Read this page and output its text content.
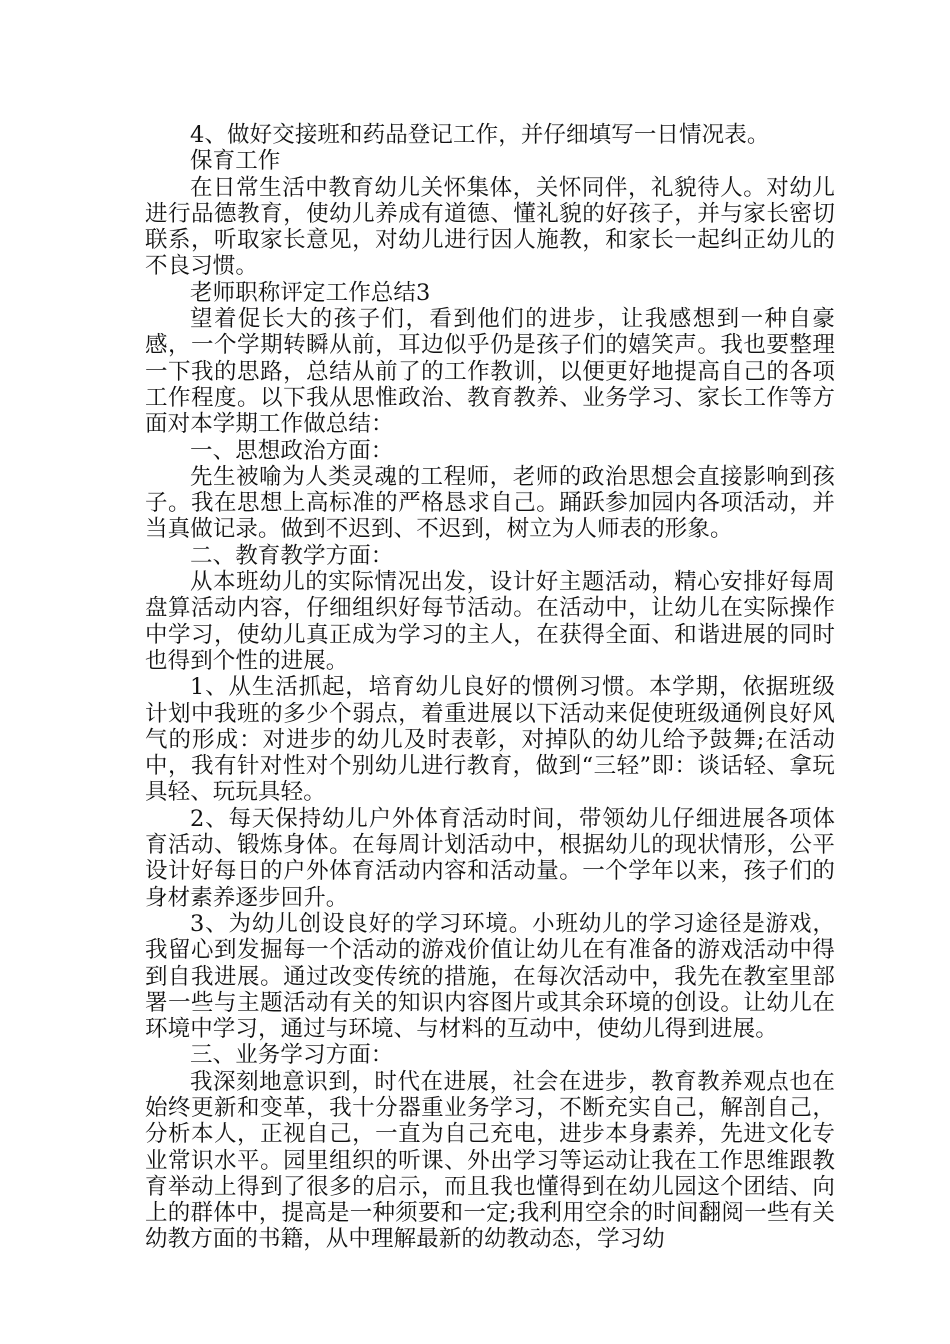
4、做好交接班和药品登记工作，并仔细填写一日情况表。

保育工作

在日常生活中教育幼儿关怀集体，关怀同伴，礼貌待人。对幼儿进行品德教育，使幼儿养成有道德、懂礼貌的好孩子，并与家长密切联系，听取家长意见，对幼儿进行因人施教，和家长一起纠正幼儿的不良习惯。

老师职称评定工作总结3

望着促长大的孩子们，看到他们的进步，让我感想到一种自豪感，一个学期转瞬从前，耳边似乎仍是孩子们的嬉笑声。我也要整理一下我的思路，总结从前了的工作教训，以便更好地提高自己的各项工作程度。以下我从思惟政治、教育教养、业务学习、家长工作等方面对本学期工作做总结：

一、思想政治方面：

先生被喻为人类灵魂的工程师，老师的政治思想会直接影响到孩子。我在思想上高标准的严格恳求自己。踊跃参加园内各项活动，并当真做记录。做到不迟到、不迟到，树立为人师表的形象。

二、教育教学方面：

从本班幼儿的实际情况出发，设计好主题活动，精心安排好每周盘算活动内容，仔细组织好每节活动。在活动中，让幼儿在实际操作中学习，使幼儿真正成为学习的主人，在获得全面、和谐进展的同时也得到个性的进展。

1、从生活抓起，培育幼儿良好的惯例习惯。本学期，依据班级计划中我班的多少个弱点，着重进展以下活动来促使班级通例良好风气的形成：对进步的幼儿及时表彰，对掉队的幼儿给予鼓舞;在活动中，我有针对性对个别幼儿进行教育，做到“三轻”即：谈话轻、拿玩具轻、玩玩具轻。

2、每天保持幼儿户外体育活动时间，带领幼儿仔细进展各项体育活动、锻炼身体。在每周计划活动中，根据幼儿的现状情形，公平设计好每日的户外体育活动内容和活动量。一个学年以来，孩子们的身材素养逐步回升。

3、为幼儿创设良好的学习环境。小班幼儿的学习途径是游戏，我留心到发掘每一个活动的游戏价值让幼儿在有准备的游戏活动中得到自我进展。通过改变传统的措施，在每次活动中，我先在教室里部署一些与主题活动有关的知识内容图片或其余环境的创设。让幼儿在环境中学习，通过与环境、与材料的互动中，使幼儿得到进展。

三、业务学习方面：

我深刻地意识到，时代在进展，社会在进步，教育教养观点也在始终更新和变革，我十分器重业务学习，不断充实自己，解剖自己，分析本人，正视自己，一直为自己充电，进步本身素养，先进文化专业常识水平。园里组织的听课、外出学习等运动让我在工作思维跟教育举动上得到了很多的启示，而且我也懂得到在幼儿园这个团结、向上的群体中，提高是一种须要和一定;我利用空余的时间翻阅一些有关幼教方面的书籍，从中理解最新的幼教动态，学习幼
